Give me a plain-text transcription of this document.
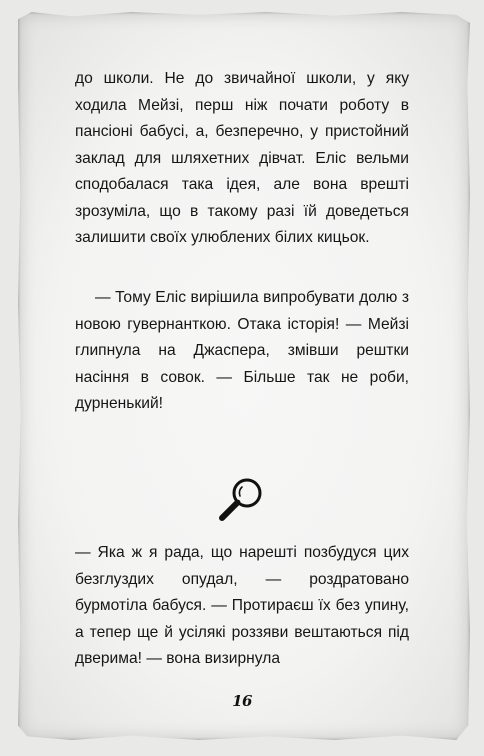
до школи. Не до звичайної школи, у яку ходила Мейзі, перш ніж почати роботу в пансіоні бабусі, а, безперечно, у пристойний заклад для шляхетних дівчат. Еліс вельми сподобалася така ідея, але вона врешті зрозуміла, що в такому разі їй доведеться залишити своїх улюблених білих кицьок.

— Тому Еліс вирішила випробувати долю з новою гувернанткою. Отака історія! — Мейзі глипнула на Джаспера, змівши рештки насіння в совок. — Більше так не роби, дурненький!

— Яка ж я рада, що нарешті позбудуся цих безглуздих опудал, — роздратовано бурмотіла бабуся. — Протираєш їх без упину, а тепер ще й усілякі роззяви вештаються під дверима! — вона визирнула

16
